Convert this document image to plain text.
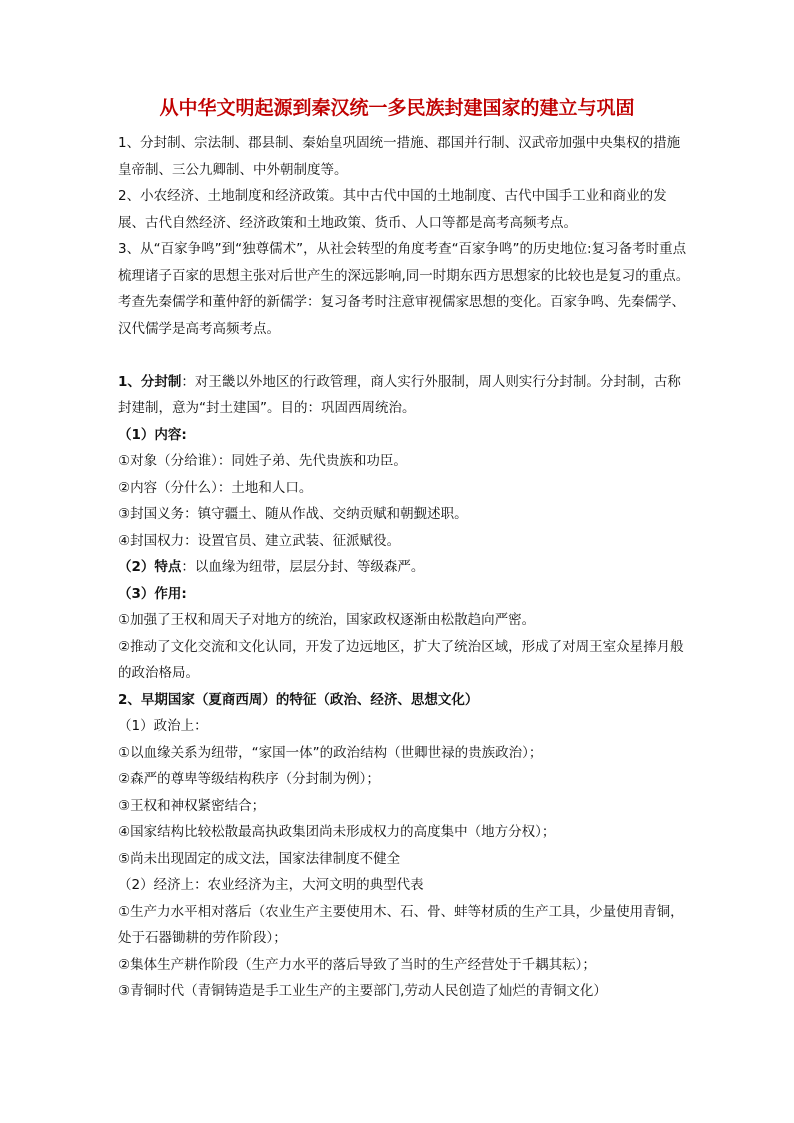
从中华文明起源到秦汉统一多民族封建国家的建立与巩固

1、分封制、宗法制、郡县制、秦始皇巩固统一措施、郡国并行制、汉武帝加强中央集权的措施皇帝制、三公九卿制、中外朝制度等。

2、小农经济、土地制度和经济政策。其中古代中国的土地制度、古代中国手工业和商业的发展、古代自然经济、经济政策和土地政策、货币、人口等都是高考高频考点。

3、从“百家争鸣”到“独尊儒术”，从社会转型的角度考查“百家争鸣”的历史地位:复习备考时重点梳理诸子百家的思想主张对后世产生的深远影响,同一时期东西方思想家的比较也是复习的重点。考查先秦儒学和董仲舒的新儒学：复习备考时注意审视儒家思想的变化。百家争鸣、先秦儒学、汉代儒学是高考高频考点。

1、分封制：对王畿以外地区的行政管理，商人实行外服制，周人则实行分封制。分封制，古称封建制，意为“封土建国”。目的：巩固西周统治。

（1）内容:

①对象（分给谁）：同姓子弟、先代贵族和功臣。

②内容（分什么）：土地和人口。

③封国义务：镇守疆土、随从作战、交纳贡赋和朝觐述职。

④封国权力：设置官员、建立武装、征派赋役。

（2）特点：以血缘为纽带，层层分封、等级森严。

（3）作用:

①加强了王权和周天子对地方的统治，国家政权逐渐由松散趋向严密。

②推动了文化交流和文化认同，开发了边远地区，扩大了统治区域，形成了对周王室众星捧月般的政治格局。

2、早期国家（夏商西周）的特征（政治、经济、思想文化）

（1）政治上：

①以血缘关系为纽带，“家国一体”的政治结构（世卿世禄的贵族政治）；

②森严的尊卑等级结构秩序（分封制为例）；

③王权和神权紧密结合；

④国家结构比较松散最高执政集团尚未形成权力的高度集中（地方分权）；

⑤尚未出现固定的成文法，国家法律制度不健全

（2）经济上：农业经济为主，大河文明的典型代表

①生产力水平相对落后（农业生产主要使用木、石、骨、蚌等材质的生产工具，少量使用青铜，处于石器锄耕的劳作阶段）；

②集体生产耕作阶段（生产力水平的落后导致了当时的生产经营处于千耦其耘）；

③青铜时代（青铜铸造是手工业生产的主要部门,劳动人民创造了灿烂的青铜文化）
